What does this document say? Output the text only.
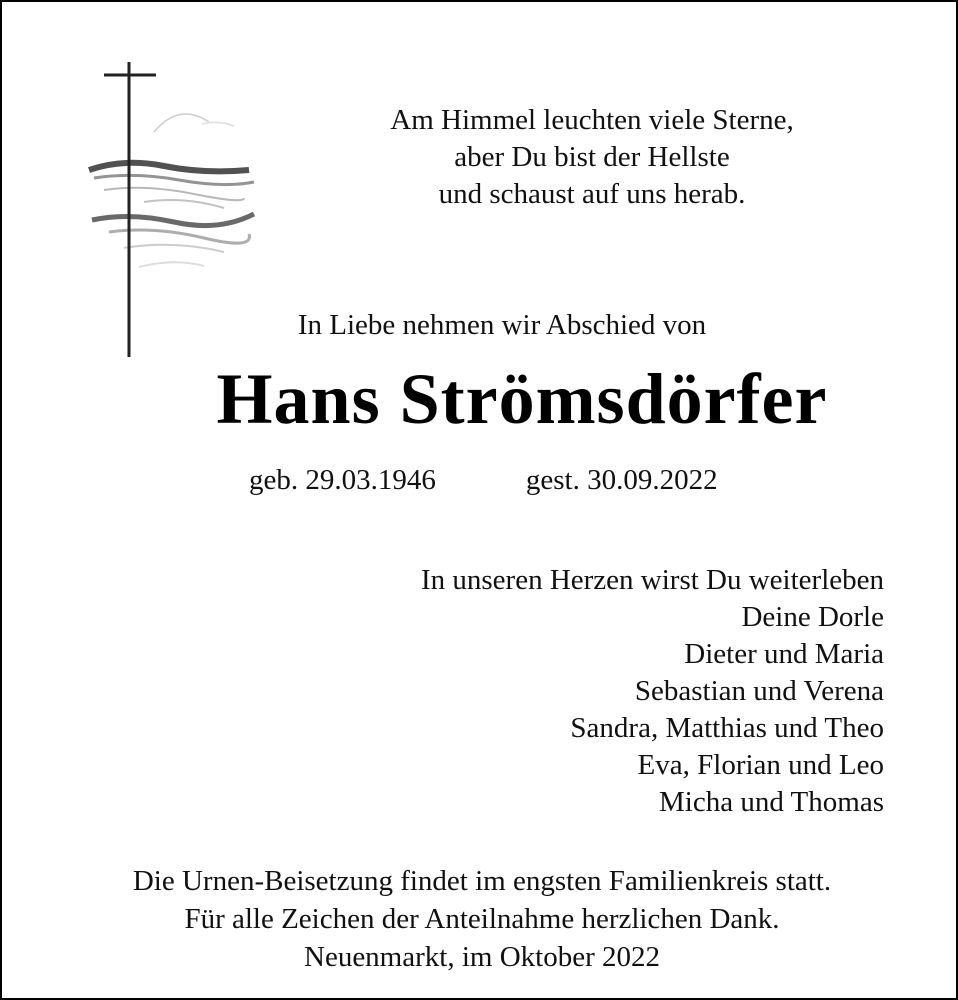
Am Himmel leuchten viele Sterne,
aber Du bist der Hellste
und schaust auf uns herab.
In Liebe nehmen wir Abschied von
Hans Strömsdörfer
geb. 29.03.1946	gest. 30.09.2022
In unseren Herzen wirst Du weiterleben
Deine Dorle
Dieter und Maria
Sebastian und Verena
Sandra, Matthias und Theo
Eva, Florian und Leo
Micha und Thomas
Die Urnen-Beisetzung findet im engsten Familienkreis statt.
Für alle Zeichen der Anteilnahme herzlichen Dank.
Neuenmarkt, im Oktober 2022
